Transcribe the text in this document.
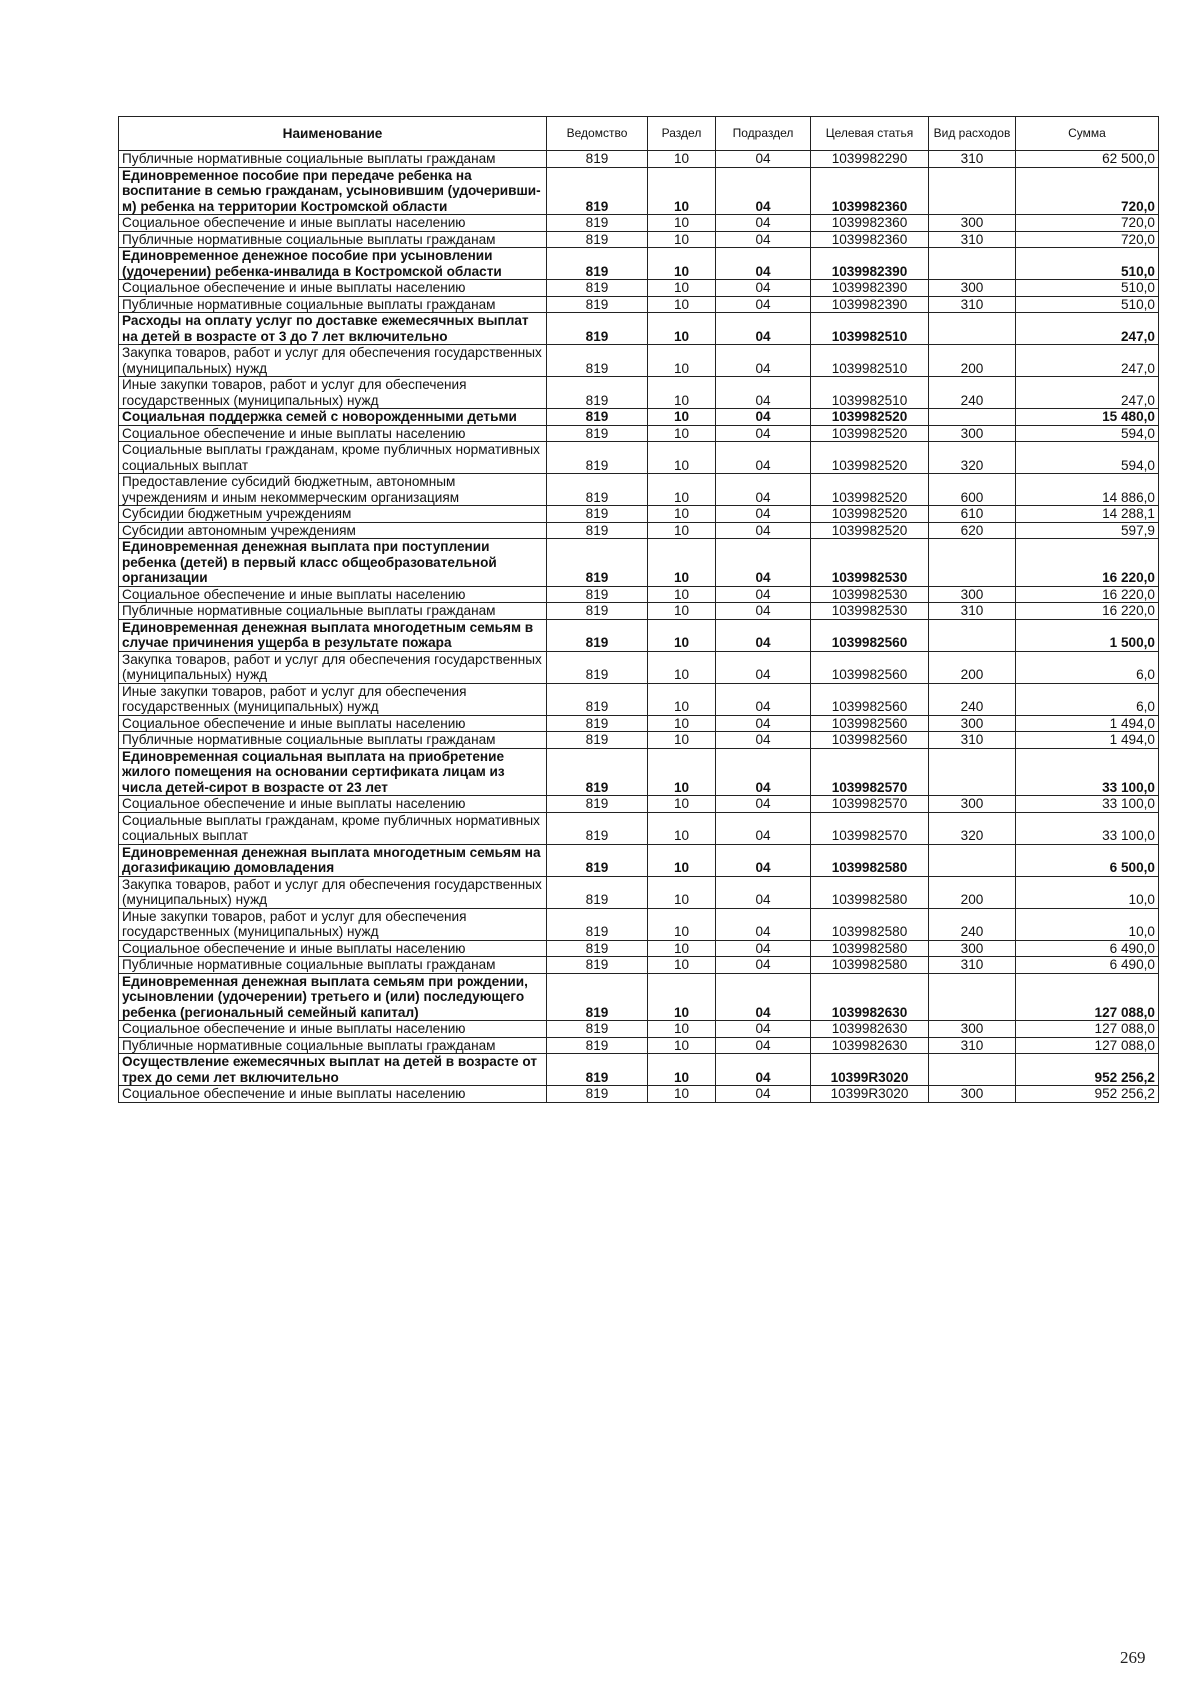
Наименование	Ведомство	Раздел	Подраздел	Целевая статья	Вид расходов	Сумма
Публичные нормативные социальные выплаты гражданам	819	10	04	1039982290	310	62 500,0
Единовременное пособие при передаче ребенка на воспитание в семью гражданам, усыновившим (удочерившим) ребенка на территории Костромской области	819	10	04	1039982360		720,0
Социальное обеспечение и иные выплаты населению	819	10	04	1039982360	300	720,0
Публичные нормативные социальные выплаты гражданам	819	10	04	1039982360	310	720,0
Единовременное денежное пособие при усыновлении (удочерении) ребенка-инвалида в Костромской области	819	10	04	1039982390		510,0
Социальное обеспечение и иные выплаты населению	819	10	04	1039982390	300	510,0
Публичные нормативные социальные выплаты гражданам	819	10	04	1039982390	310	510,0
Расходы на оплату услуг по доставке ежемесячных выплат на детей в возрасте от 3 до 7 лет включительно	819	10	04	1039982510		247,0
Закупка товаров, работ и услуг для обеспечения государственных (муниципальных) нужд	819	10	04	1039982510	200	247,0
Иные закупки товаров, работ и услуг для обеспечения государственных (муниципальных) нужд	819	10	04	1039982510	240	247,0
Социальная поддержка семей с новорожденными детьми	819	10	04	1039982520		15 480,0
Социальное обеспечение и иные выплаты населению	819	10	04	1039982520	300	594,0
Социальные выплаты гражданам, кроме публичных нормативных социальных выплат	819	10	04	1039982520	320	594,0
Предоставление субсидий бюджетным, автономным учреждениям и иным некоммерческим организациям	819	10	04	1039982520	600	14 886,0
Субсидии бюджетным учреждениям	819	10	04	1039982520	610	14 288,1
Субсидии автономным учреждениям	819	10	04	1039982520	620	597,9
Единовременная денежная выплата при поступлении ребенка (детей) в первый класс общеобразовательной организации	819	10	04	1039982530		16 220,0
Социальное обеспечение и иные выплаты населению	819	10	04	1039982530	300	16 220,0
Публичные нормативные социальные выплаты гражданам	819	10	04	1039982530	310	16 220,0
Единовременная денежная выплата многодетным семьям в случае причинения ущерба в результате пожара	819	10	04	1039982560		1 500,0
Закупка товаров, работ и услуг для обеспечения государственных (муниципальных) нужд	819	10	04	1039982560	200	6,0
Иные закупки товаров, работ и услуг для обеспечения государственных (муниципальных) нужд	819	10	04	1039982560	240	6,0
Социальное обеспечение и иные выплаты населению	819	10	04	1039982560	300	1 494,0
Публичные нормативные социальные выплаты гражданам	819	10	04	1039982560	310	1 494,0
Единовременная социальная выплата на приобретение жилого помещения на основании сертификата лицам из числа детей-сирот в возрасте от 23 лет	819	10	04	1039982570		33 100,0
Социальное обеспечение и иные выплаты населению	819	10	04	1039982570	300	33 100,0
Социальные выплаты гражданам, кроме публичных нормативных социальных выплат	819	10	04	1039982570	320	33 100,0
Единовременная денежная выплата многодетным семьям на догазификацию домовладения	819	10	04	1039982580		6 500,0
Закупка товаров, работ и услуг для обеспечения государственных (муниципальных) нужд	819	10	04	1039982580	200	10,0
Иные закупки товаров, работ и услуг для обеспечения государственных (муниципальных) нужд	819	10	04	1039982580	240	10,0
Социальное обеспечение и иные выплаты населению	819	10	04	1039982580	300	6 490,0
Публичные нормативные социальные выплаты гражданам	819	10	04	1039982580	310	6 490,0
Единовременная денежная выплата семьям при рождении, усыновлении (удочерении) третьего и (или) последующего ребенка (региональный семейный капитал)	819	10	04	1039982630		127 088,0
Социальное обеспечение и иные выплаты населению	819	10	04	1039982630	300	127 088,0
Публичные нормативные социальные выплаты гражданам	819	10	04	1039982630	310	127 088,0
Осуществление ежемесячных выплат на детей в возрасте от трех до семи лет включительно	819	10	04	10399R3020		952 256,2
Социальное обеспечение и иные выплаты населению	819	10	04	10399R3020	300	952 256,2
269
